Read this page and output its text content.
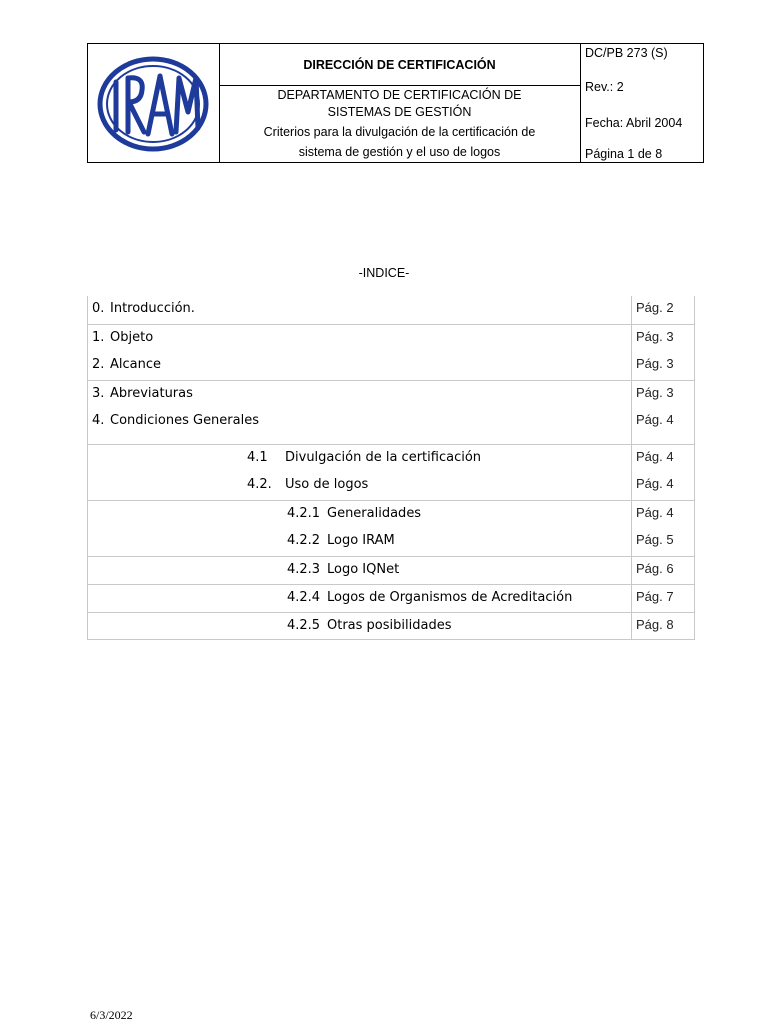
DIRECCIÓN DE CERTIFICACIÓN
DEPARTAMENTO DE CERTIFICACIÓN DE
SISTEMAS DE GESTIÓN
Criterios para la divulgación de la certificación de
sistema de gestión y el uso de logos
DC/PB 273 (S)
Rev.: 2
Fecha: Abril 2004
Página 1 de 8
-INDICE-
0. Introducción.	Pág. 2
1. Objeto	Pág. 3
2. Alcance	Pág. 3
3. Abreviaturas	Pág. 3
4. Condiciones Generales	Pág. 4
4.1 Divulgación de la certificación	Pág. 4
4.2. Uso de logos	Pág. 4
4.2.1 Generalidades	Pág. 4
4.2.2 Logo IRAM	Pág. 5
4.2.3 Logo IQNet	Pág. 6
4.2.4 Logos de Organismos de Acreditación	Pág. 7
4.2.5 Otras posibilidades	Pág. 8
6/3/2022
